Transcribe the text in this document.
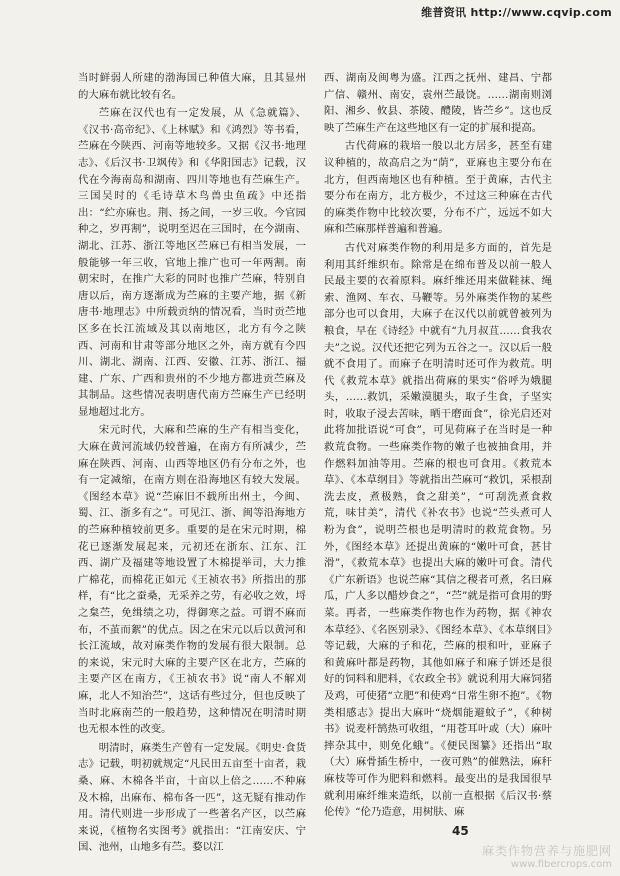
维普资讯 http://www.cqvip.com

当时鲜弱人所建的渤海国已种值大麻，且其显州的大麻布就比较有名。

苎麻在汉代也有一定发展，从《急就篇》、《汉书·高帝纪》、《上林赋》和《鸿烈》等书看，苎麻在今陕西、河南等地较多。又据《汉书·地理志》、《后汉书·卫飒传》和《华阳国志》记载，汉代在今海南岛和湖南、四川等地也有苎麻生产。三国吴时的《毛诗草木鸟兽虫鱼疏》中还指出：“纻亦麻也。荆、扬之间，一岁三收。今官园种之，岁再割”，说明至迟在三国时，在今湖南、湖北、江苏、浙江等地区苎麻已有相当发展，一般能够一年三收，官地上推广也可一年两割。南朝宋时，在推广大彩的同时也推广苎麻，特别自唐以后，南方逐渐成为苎麻的主要产地，据《新唐书·地理志》中所载贡纳的情况看，当时贡苎地区多在长江流域及其以南地区，北方有今之陕西、河南和甘肃等部分地区之外，南方就有今四川、湖北、湖南、江西、安徽、江苏、浙江、福建、广东、广西和贵州的不少地方都进贡苎麻及其制品。这些情况表明唐代南方苎麻生产已经明显地超过北方。

宋元时代，大麻和苎麻的生产有相当变化，大麻在黄河流域仍较普遍，在南方有所减少，苎麻在陕西、河南、山西等地区仍有分布之外，也有一定减缩，在南方则在沿海地区有较大发展。《图经本草》说“苎麻旧不载所出州土，今闽、蜀、江、浙多有之”。可见江、浙、闽等沿海地方的苎麻种植较前更多。重要的是在宋元时期，棉花已逐渐发展起来，元初还在浙东、江东、江西、湖广及福建等地设置了木棉提举司，大力推广棉花，而棉花正如元《王祯农书》所指出的那样，有“比之蚕桑，无采养之劳，有必收之效，埒之枲苎，免缉绩之功，得御寒之益。可谓不麻而布，不茧而絮”的优点。因之在宋元以后以黄河和长江流域，故对麻类作物的发展有很大限制。总的来说，宋元时大麻的主要产区在北方，苎麻的主要产区在南方，《王祯农书》说“南人不解刈麻，北人不知治苎”，这话有些过分，但也反映了当时北麻南苎的一般趋势，这种情况在明清时期也无根本性的改变。

明清时，麻类生产曾有一定发展。《明史·食货志》记载，明初就规定“凡民田五亩至十亩者，栽桑、麻、木棉各半亩，十亩以上倍之……不种麻及木棉，出麻布、棉布各一匹”，这无疑有推动作用。清代则进一步形成了一些著名产区，以苎麻来说，《植物名实图考》就指出：“江南安庆、宁国、池州，山地多有苎。婺以江

西、湖南及闽粤为盛。江西之抚州、建昌、宁都广信、赣州、南安，袁州苎最饶。……湖南则浏阳、湘乡、攸县、茶陵、醴陵，皆苎乡”。这也反映了苎麻生产在这些地区有一定的扩展和提高。

古代荷麻的栽培一般以北方居多，甚至有建议种植的，故高启之为“荫”，亚麻也主要分布在北方，但西南地区也有种植。至于黄麻，古代主要分布在南方，北方极少，不过这三种麻在古代的麻类作物中比较次要，分布不广，远远不如大麻和苎麻那样普遍和普遍。

古代对麻类作物的利用是多方面的，首先是利用其纤维织布。除常是在绵布普及以前一般人民最主要的衣着原料。麻纤维还用来做鞋袜、绳索、渔网、车衣、马鞭等。另外麻类作物的某些部分也可以食用，大麻子在汉代以前就曾被列为粮食，早在《诗经》中就有“九月叔苴……食我农夫”之说。汉代还把它列为五谷之一。汉以后一般就不食用了。而麻子在明清时还可作为救荒。明代《救荒本草》就指出荷麻的果实“俗呼为娥腿头，……救饥，采嫩漠腿头，取子生食，子坚实时，收取子浸去苦味，晒干磨面食”，徐光启还对此将加批语说“可食”，可见荷麻子在当时是一种救荒食物。一些麻类作物的嫩子也被抽食用，并作燃料加油等用。苎麻的根也可食用。《救荒本草》、《本草纲目》等就指出苎麻可“救饥，采根刮洗去皮，煮极熟，食之甜美”，“可刮洗煮食救荒，味甘美”，清代《补农书》也说“苎头煮可人粉为食”，说明苎根也是明清时的救荒食物。另外，《图经本草》还提出黄麻的“嫩叶可食，甚甘滑”，《救荒本草》也提出大麻的嫩叶可食。清代《广东新语》也说苎麻“其信之稷者可煮，名曰麻瓜，广人多以醋炒食之”，“苎”就是指可食用的野菜。再者，一些麻类作物也作为药物，据《神农本草经》、《名医别录》、《图经本草》、《本草纲目》等记载，大麻的子和花，苎麻的根和叶，亚麻子和黄麻叶都是药物，其他如麻子和麻子饼还是很好的饲料和肥料，《农政全书》就说利用大麻饲猪及鸡，可使猪“立肥”和使鸡“日常生卵不抱”。《物类相感志》提出大麻叶“烧烟能避蚊子”，《种树书》说麦杆鹄热可收组，“用苍耳叶或（大）麻叶摔杂其中，则免化蛾”。《便民图纂》还指出“取（大）麻骨插生桥中，一夜可熟”的催熟法，麻秆麻枝等可作为肥料和燃料。最变出的是我国很早就利用麻纤维来造纸，以前一直根据《后汉书·蔡伦传》“伦乃造意，用树肤、麻

45
麻类作物营养与施肥网
www.fibercrops.com
